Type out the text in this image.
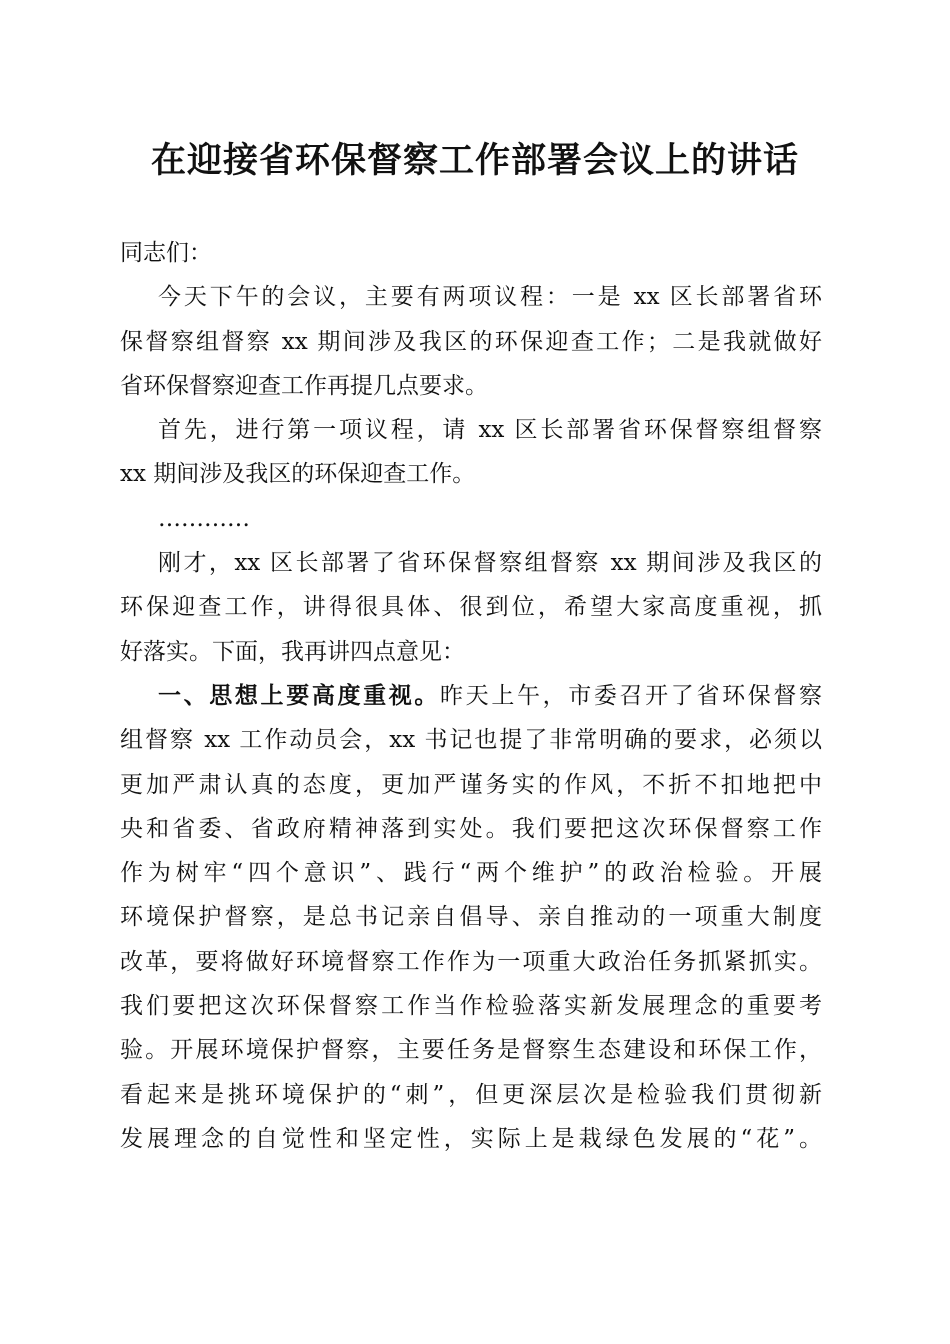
在迎接省环保督察工作部署会议上的讲话
同志们：
今天下午的会议，主要有两项议程：一是 xx 区长部署省环
保督察组督察 xx 期间涉及我区的环保迎查工作；二是我就做好
省环保督察迎查工作再提几点要求。
首先，进行第一项议程，请 xx 区长部署省环保督察组督察
xx 期间涉及我区的环保迎查工作。
…………
刚才，xx 区长部署了省环保督察组督察 xx 期间涉及我区的
环保迎查工作，讲得很具体、很到位，希望大家高度重视，抓
好落实。下面，我再讲四点意见：
一、思想上要高度重视。昨天上午，市委召开了省环保督察
组督察 xx 工作动员会，xx 书记也提了非常明确的要求，必须以
更加严肃认真的态度，更加严谨务实的作风，不折不扣地把中
央和省委、省政府精神落到实处。我们要把这次环保督察工作
作为树牢“四个意识”、践行“两个维护”的政治检验。开展
环境保护督察，是总书记亲自倡导、亲自推动的一项重大制度
改革，要将做好环境督察工作作为一项重大政治任务抓紧抓实。
我们要把这次环保督察工作当作检验落实新发展理念的重要考
验。开展环境保护督察，主要任务是督察生态建设和环保工作，
看起来是挑环境保护的“刺”，但更深层次是检验我们贯彻新
发展理念的自觉性和坚定性，实际上是栽绿色发展的“花”。
